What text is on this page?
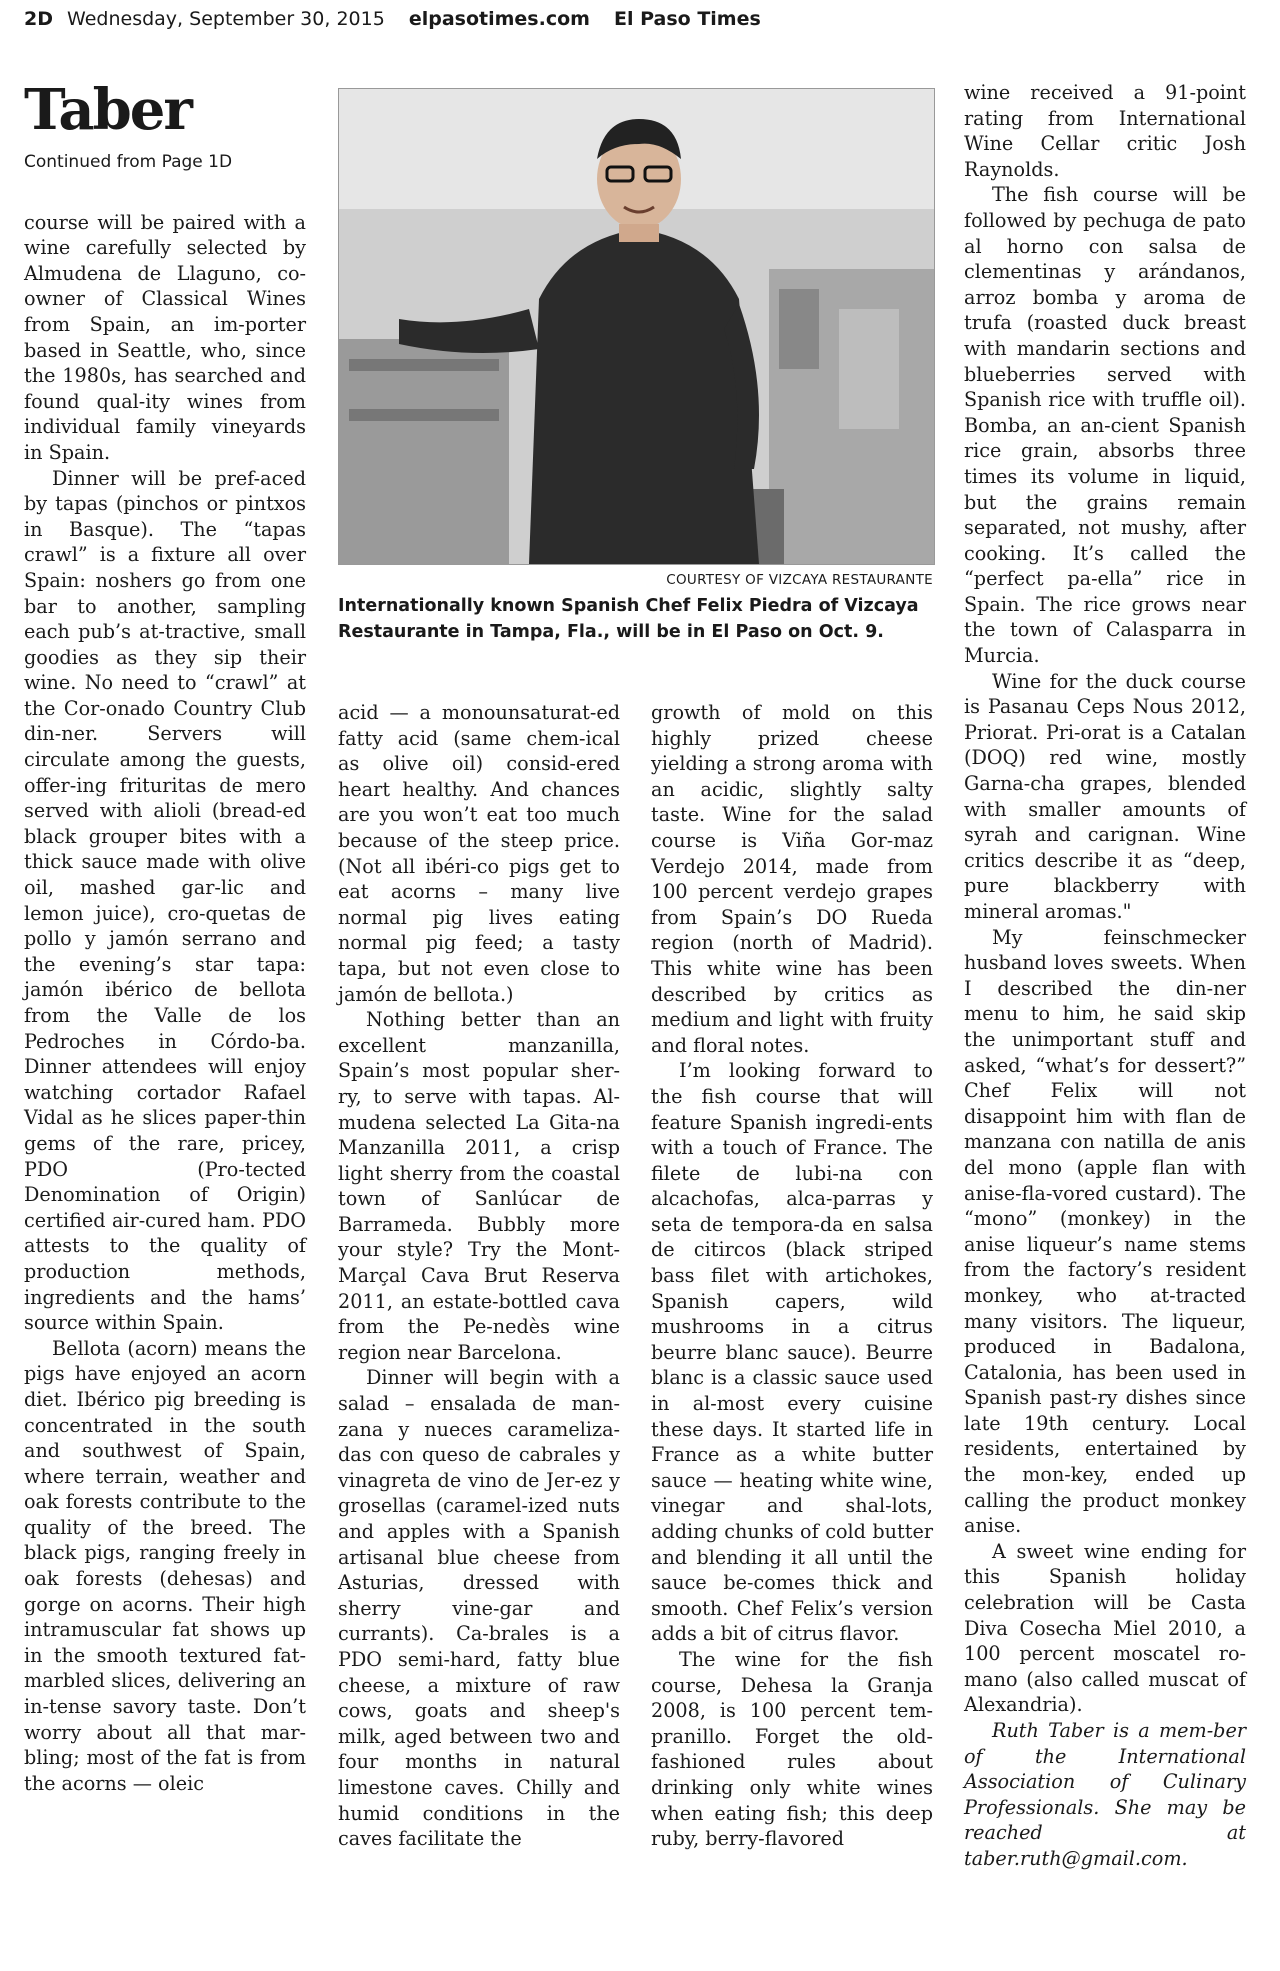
2D Wednesday, September 30, 2015 elpasotimes.com El Paso Times
Taber
Continued from Page 1D

course will be paired with a wine carefully selected by Almudena de Llaguno, co-owner of Classical Wines from Spain, an im-porter based in Seattle, who, since the 1980s, has searched and found qual-ity wines from individual family vineyards in Spain.

Dinner will be pref-aced by tapas (pinchos or pintxos in Basque). The “tapas crawl” is a fixture all over Spain: noshers go from one bar to another, sampling each pub’s at-tractive, small goodies as they sip their wine. No need to “crawl” at the Cor-onado Country Club din-ner. Servers will circulate among the guests, offer-ing frituritas de mero served with alioli (bread-ed black grouper bites with a thick sauce made with olive oil, mashed gar-lic and lemon juice), cro-quetas de pollo y jamón serrano and the evening’s star tapa: jamón ibérico de bellota from the Valle de los Pedroches in Córdo-ba. Dinner attendees will enjoy watching cortador Rafael Vidal as he slices paper-thin gems of the rare, pricey, PDO (Pro-tected Denomination of Origin) certified air-cured ham. PDO attests to the quality of production methods, ingredients and the hams’ source within Spain.

Bellota (acorn) means the pigs have enjoyed an acorn diet. Ibérico pig breeding is concentrated in the south and southwest of Spain, where terrain, weather and oak forests contribute to the quality of the breed. The black pigs, ranging freely in oak forests (dehesas) and gorge on acorns. Their high intramuscular fat shows up in the smooth textured fat-marbled slices, delivering an in-tense savory taste. Don’t worry about all that mar-bling; most of the fat is from the acorns — oleic

COURTESY OF VIZCAYA RESTAURANTE
Internationally known Spanish Chef Felix Piedra of Vizcaya Restaurante in Tampa, Fla., will be in El Paso on Oct. 9.

acid — a monounsaturat-ed fatty acid (same chem-ical as olive oil) consid-ered heart healthy. And chances are you won’t eat too much because of the steep price. (Not all ibéri-co pigs get to eat acorns – many live normal pig lives eating normal pig feed; a tasty tapa, but not even close to jamón de bellota.)

Nothing better than an excellent manzanilla, Spain’s most popular sher-ry, to serve with tapas. Al-mudena selected La Gita-na Manzanilla 2011, a crisp light sherry from the coastal town of Sanlúcar de Barrameda. Bubbly more your style? Try the Mont-Marçal Cava Brut Reserva 2011, an estate-bottled cava from the Pe-nedès wine region near Barcelona.

Dinner will begin with a salad – ensalada de man-zana y nueces carameliza-das con queso de cabrales y vinagreta de vino de Jer-ez y grosellas (caramel-ized nuts and apples with a Spanish artisanal blue cheese from Asturias, dressed with sherry vine-gar and currants). Ca-brales is a PDO semi-hard, fatty blue cheese, a mixture of raw cows, goats and sheep's milk, aged between two and four months in natural limestone caves. Chilly and humid conditions in the caves facilitate the

growth of mold on this highly prized cheese yielding a strong aroma with an acidic, slightly salty taste. Wine for the salad course is Viña Gor-maz Verdejo 2014, made from 100 percent verdejo grapes from Spain’s DO Rueda region (north of Madrid). This white wine has been described by critics as medium and light with fruity and floral notes.

I’m looking forward to the fish course that will feature Spanish ingredi-ents with a touch of France. The filete de lubi-na con alcachofas, alca-parras y seta de tempora-da en salsa de citircos (black striped bass filet with artichokes, Spanish capers, wild mushrooms in a citrus beurre blanc sauce). Beurre blanc is a classic sauce used in al-most every cuisine these days. It started life in France as a white butter sauce — heating white wine, vinegar and shal-lots, adding chunks of cold butter and blending it all until the sauce be-comes thick and smooth. Chef Felix’s version adds a bit of citrus flavor.

The wine for the fish course, Dehesa la Granja 2008, is 100 percent tem-pranillo. Forget the old-fashioned rules about drinking only white wines when eating fish; this deep ruby, berry-flavored

wine received a 91-point rating from International Wine Cellar critic Josh Raynolds.

The fish course will be followed by pechuga de pato al horno con salsa de clementinas y arándanos, arroz bomba y aroma de trufa (roasted duck breast with mandarin sections and blueberries served with Spanish rice with truffle oil). Bomba, an an-cient Spanish rice grain, absorbs three times its volume in liquid, but the grains remain separated, not mushy, after cooking. It’s called the “perfect pa-ella” rice in Spain. The rice grows near the town of Calasparra in Murcia.

Wine for the duck course is Pasanau Ceps Nous 2012, Priorat. Pri-orat is a Catalan (DOQ) red wine, mostly Garna-cha grapes, blended with smaller amounts of syrah and carignan. Wine critics describe it as “deep, pure blackberry with mineral aromas."

My feinschmecker husband loves sweets. When I described the din-ner menu to him, he said skip the unimportant stuff and asked, “what’s for dessert?” Chef Felix will not disappoint him with flan de manzana con natilla de anis del mono (apple flan with anise-fla-vored custard). The “mono” (monkey) in the anise liqueur’s name stems from the factory’s resident monkey, who at-tracted many visitors. The liqueur, produced in Badalona, Catalonia, has been used in Spanish past-ry dishes since late 19th century. Local residents, entertained by the mon-key, ended up calling the product monkey anise.

A sweet wine ending for this Spanish holiday celebration will be Casta Diva Cosecha Miel 2010, a 100 percent moscatel ro-mano (also called muscat of Alexandria).

Ruth Taber is a mem-ber of the International Association of Culinary Professionals. She may be reached at taber.ruth@gmail.com.
